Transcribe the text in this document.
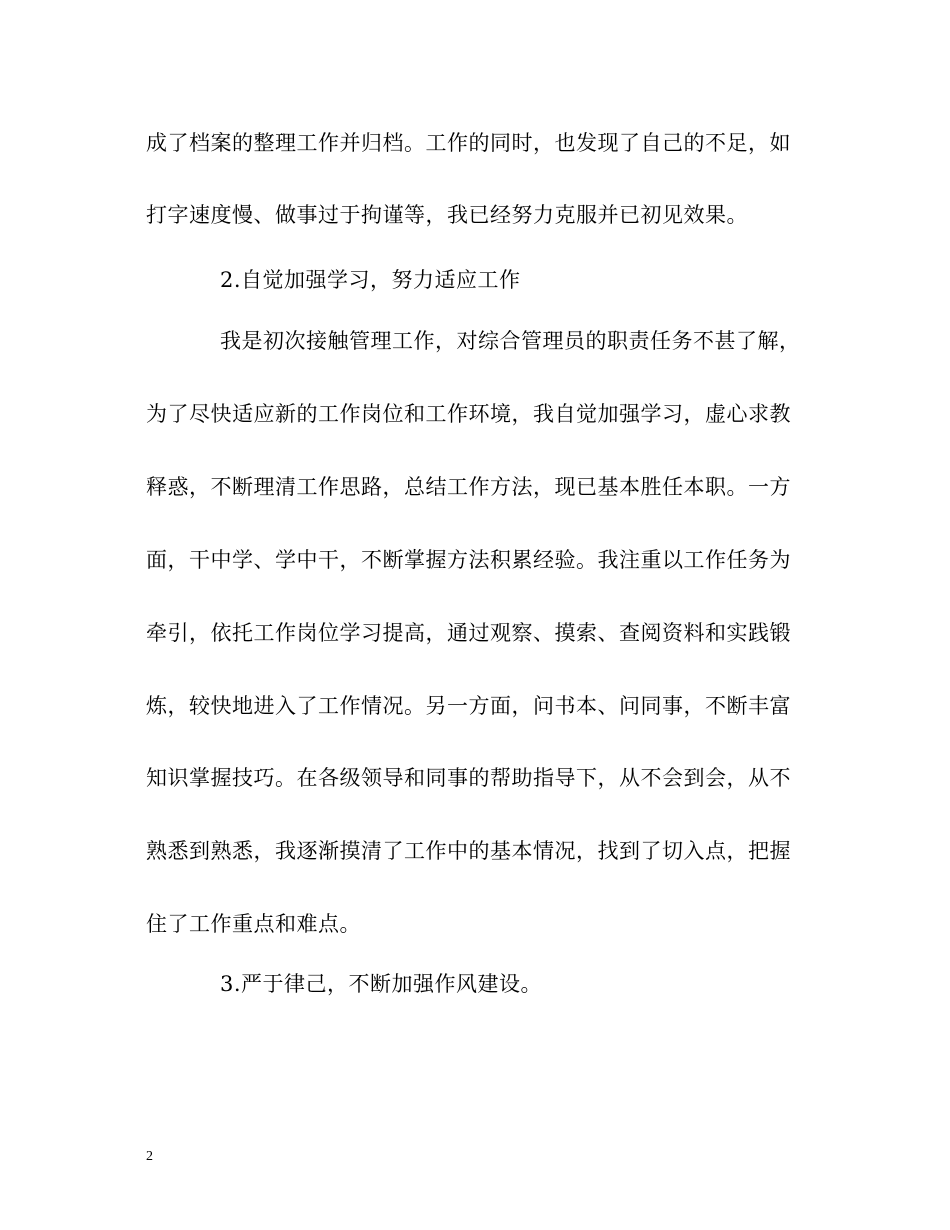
成了档案的整理工作并归档。工作的同时，也发现了自己的不足，如
打字速度慢、做事过于拘谨等，我已经努力克服并已初见效果。
2.自觉加强学习，努力适应工作
我是初次接触管理工作，对综合管理员的职责任务不甚了解，
为了尽快适应新的工作岗位和工作环境，我自觉加强学习，虚心求教
释惑，不断理清工作思路，总结工作方法，现已基本胜任本职。一方
面，干中学、学中干，不断掌握方法积累经验。我注重以工作任务为
牵引，依托工作岗位学习提高，通过观察、摸索、查阅资料和实践锻
炼，较快地进入了工作情况。另一方面，问书本、问同事，不断丰富
知识掌握技巧。在各级领导和同事的帮助指导下，从不会到会，从不
熟悉到熟悉，我逐渐摸清了工作中的基本情况，找到了切入点，把握
住了工作重点和难点。
3.严于律己，不断加强作风建设。
2
